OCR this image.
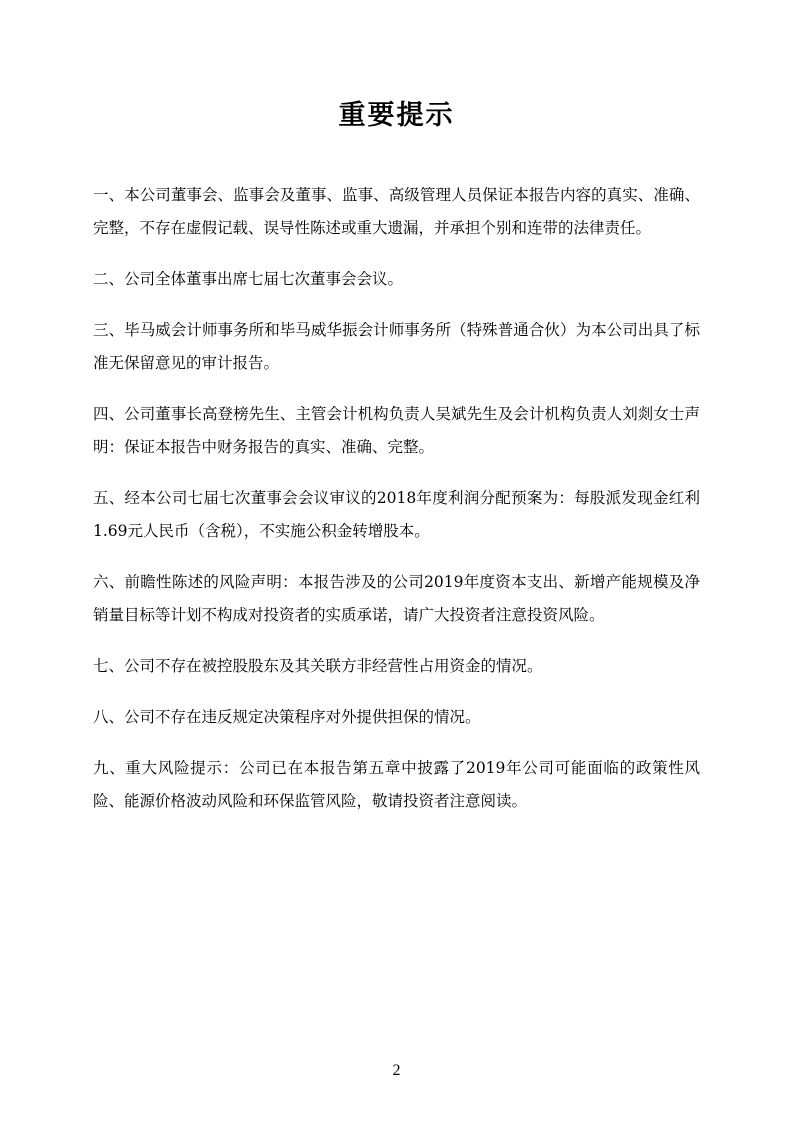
重要提示

一、本公司董事会、监事会及董事、监事、高级管理人员保证本报告内容的真实、准确、完整，不存在虚假记载、误导性陈述或重大遗漏，并承担个别和连带的法律责任。

二、公司全体董事出席七届七次董事会会议。

三、毕马威会计师事务所和毕马威华振会计师事务所（特殊普通合伙）为本公司出具了标准无保留意见的审计报告。

四、公司董事长高登榜先生、主管会计机构负责人吴斌先生及会计机构负责人刘剡女士声明：保证本报告中财务报告的真实、准确、完整。

五、经本公司七届七次董事会会议审议的2018年度利润分配预案为：每股派发现金红利1.69元人民币（含税），不实施公积金转增股本。

六、前瞻性陈述的风险声明：本报告涉及的公司2019年度资本支出、新增产能规模及净销量目标等计划不构成对投资者的实质承诺，请广大投资者注意投资风险。

七、公司不存在被控股股东及其关联方非经营性占用资金的情况。

八、公司不存在违反规定决策程序对外提供担保的情况。

九、重大风险提示：公司已在本报告第五章中披露了2019年公司可能面临的政策性风险、能源价格波动风险和环保监管风险，敬请投资者注意阅读。

2
